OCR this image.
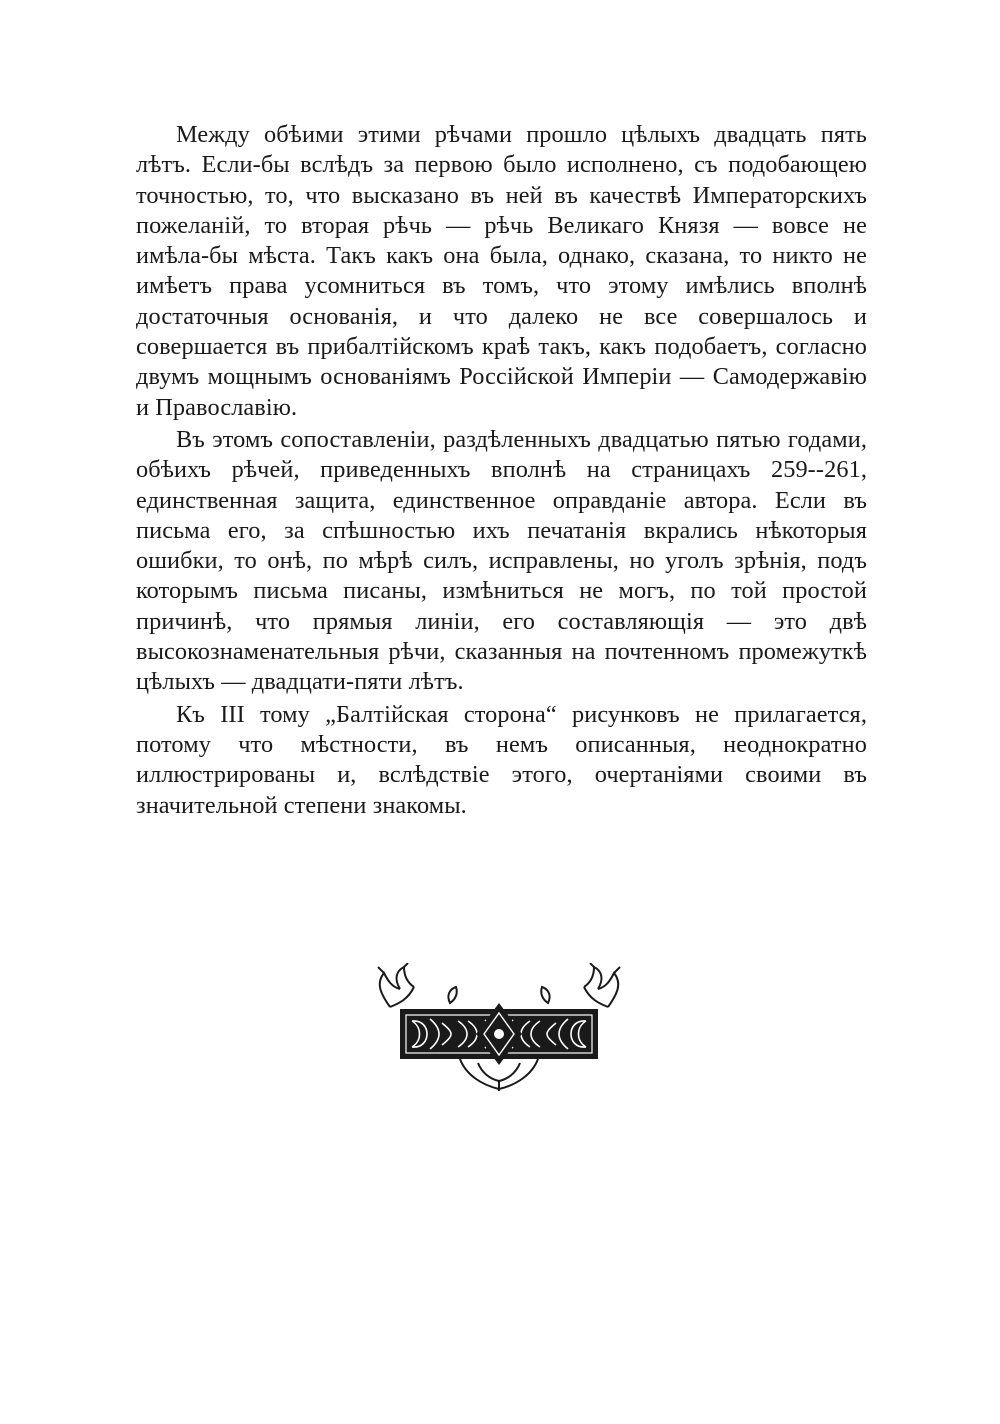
Между обѣими этими рѣчами прошло цѣлыхъ двадцать пять лѣтъ. Если-бы вслѣдъ за первою было исполнено, съ подобающею точностью, то, что высказано въ ней въ качествѣ Императорскихъ пожеланій, то вторая рѣчь — рѣчь Великаго Князя — вовсе не имѣла-бы мѣста. Такъ какъ она была, однако, сказана, то никто не имѣетъ права усомниться въ томъ, что этому имѣлись вполнѣ достаточныя основанія, и что далеко не все совершалось и совершается въ прибалтійскомъ краѣ такъ, какъ подобаетъ, согласно двумъ мощнымъ основаніямъ Россійской Имперіи — Самодержавію и Православію.

Въ этомъ сопоставленіи, раздѣленныхъ двадцатью пятью годами, обѣихъ рѣчей, приведенныхъ вполнѣ на страницахъ 259--261, единственная защита, единственное оправданіе автора. Если въ письма его, за спѣшностью ихъ печатанія вкрались нѣкоторыя ошибки, то онѣ, по мѣрѣ силъ, исправлены, но уголъ зрѣнія, подъ которымъ письма писаны, измѣниться не могъ, по той простой причинѣ, что прямыя линіи, его составляющія — это двѣ высокознаменательныя рѣчи, сказанныя на почтенномъ промежуткѣ цѣлыхъ — двадцати-пяти лѣтъ.

Къ III тому „Балтійская сторона“ рисунковъ не прилагается, потому что мѣстности, въ немъ описанныя, неоднократно иллюстрированы и, вслѣдствіе этого, очертаніями своими въ значительной степени знакомы.
